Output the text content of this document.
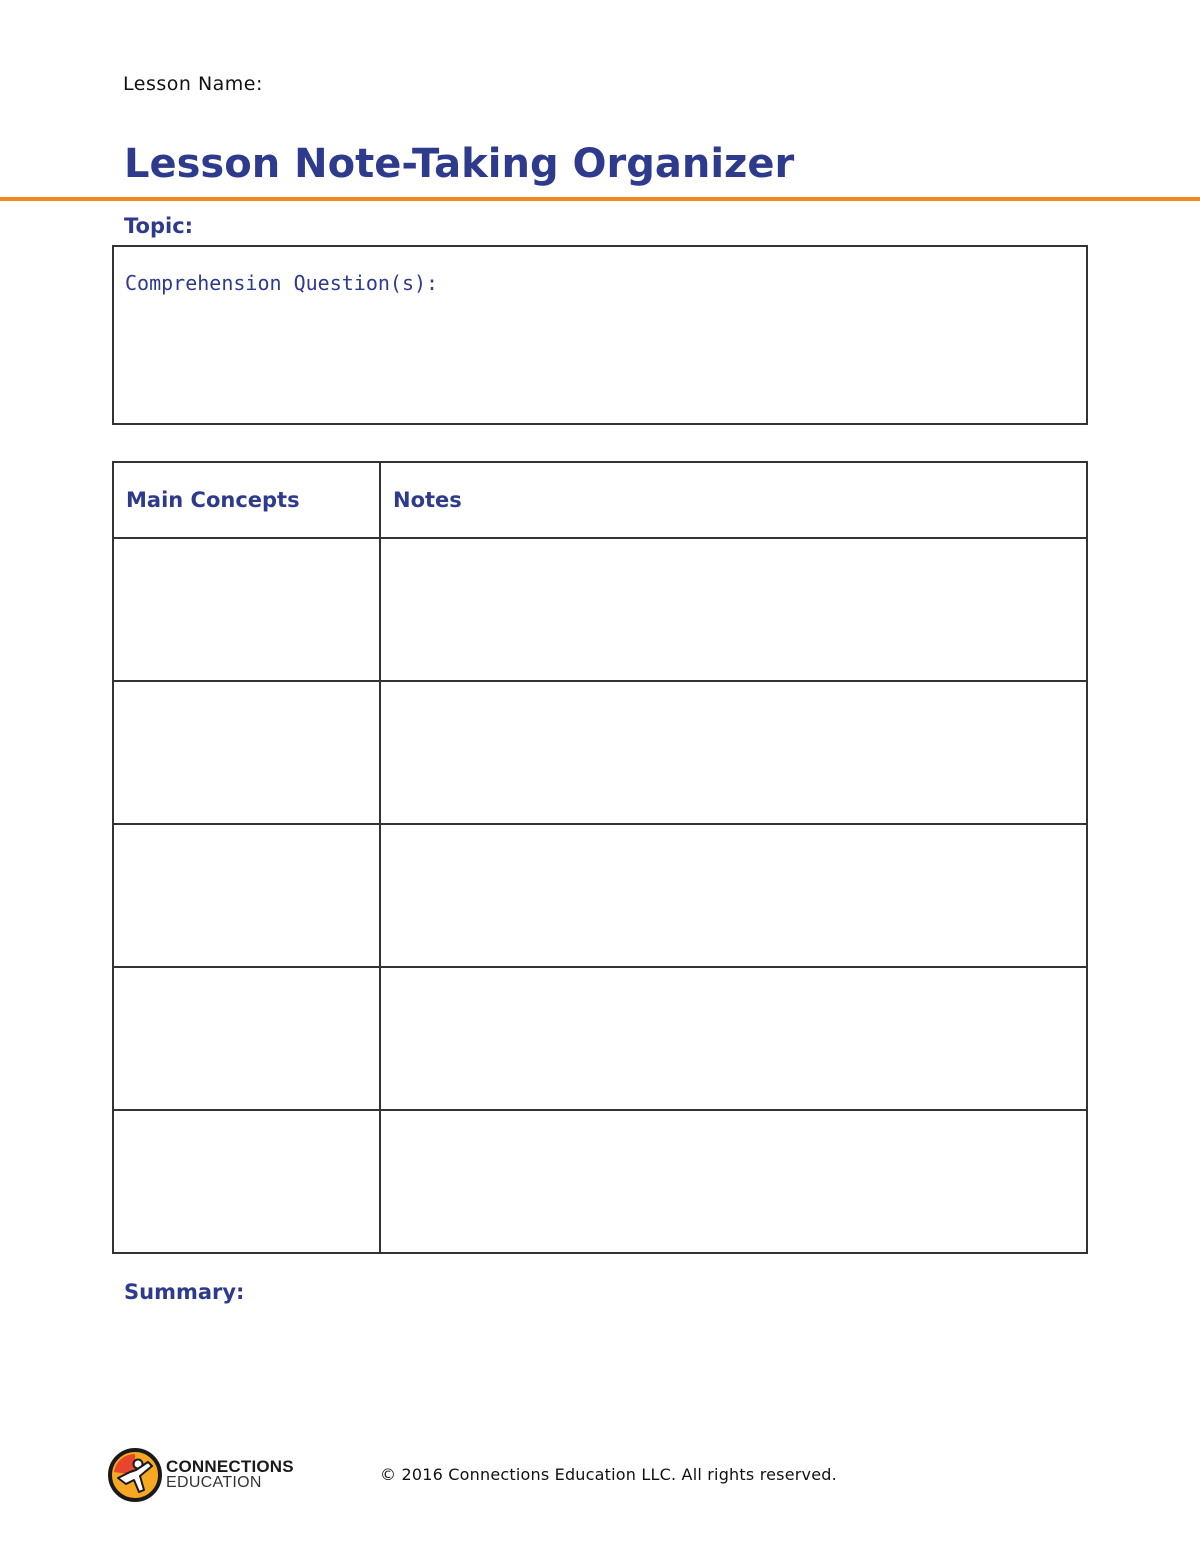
Lesson Name:
Lesson Note-Taking Organizer
Topic:
Comprehension Question(s):
Main Concepts	Notes

Summary:
CONNECTIONS
EDUCATION	© 2016 Connections Education LLC. All rights reserved.
